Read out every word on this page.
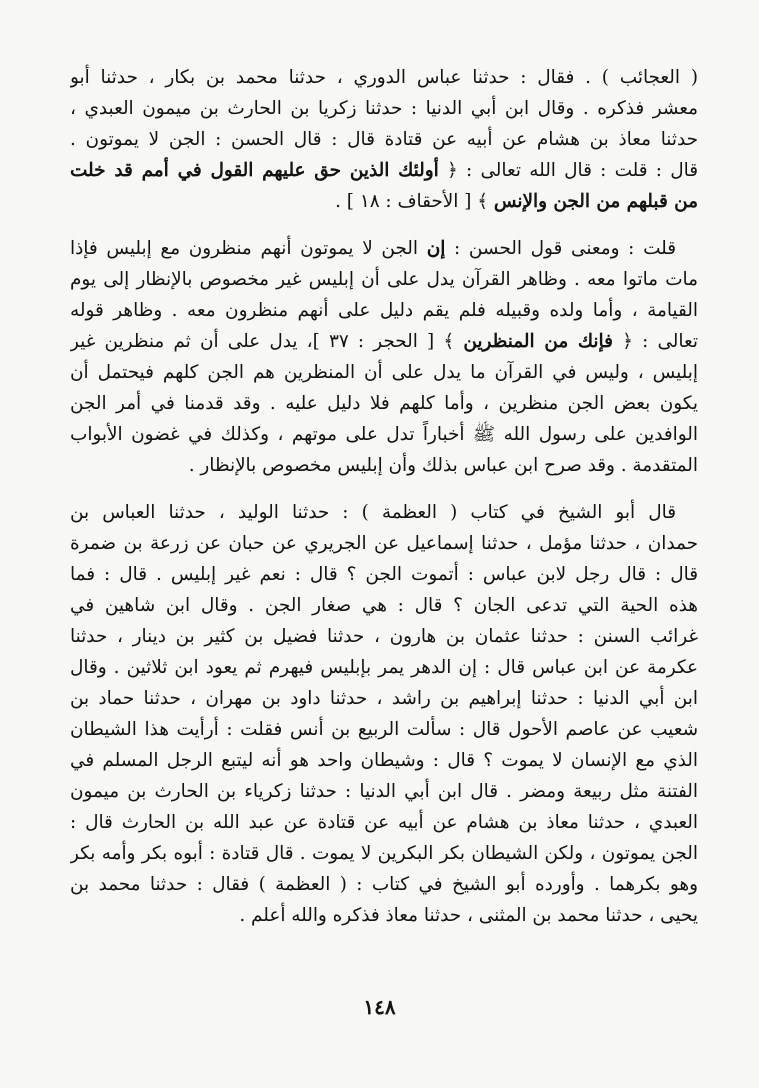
( العجائب ) . فقال : حدثنا عباس الدوري ، حدثنا محمد بن بكار ، حدثنا أبو
معشر فذكره . وقال ابن أبي الدنيا : حدثنا زكريا بن الحارث بن ميمون العبدي ،
حدثنا معاذ بن هشام عن أبيه عن قتادة قال : قال الحسن : الجن لا يموتون .
قال : قلت : قال الله تعالى : ﴿ أولئك الذين حق عليهم القول في أمم قد خلت
من قبلهم من الجن والإنس ﴾ [ الأحقاف : ١٨ ] .
قلت : ومعنى قول الحسن : إن الجن لا يموتون أنهم منظرون مع إبليس فإذا
مات ماتوا معه . وظاهر القرآن يدل على أن إبليس غير مخصوص بالإنظار إلى يوم
القيامة ، وأما ولده وقبيله فلم يقم دليل على أنهم منظرون معه . وظاهر قوله
تعالى : ﴿ فإنك من المنظرين ﴾ [ الحجر : ٣٧ ]، يدل على أن ثم منظرين غير
إبليس ، وليس في القرآن ما يدل على أن المنظرين هم الجن كلهم فيحتمل أن
يكون بعض الجن منظرين ، وأما كلهم فلا دليل عليه . وقد قدمنا في أمر الجن
الوافدين على رسول الله ﷺ أخباراً تدل على موتهم ، وكذلك في غضون الأبواب
المتقدمة . وقد صرح ابن عباس بذلك وأن إبليس مخصوص بالإنظار .
قال أبو الشيخ في كتاب ( العظمة ) : حدثنا الوليد ، حدثنا العباس بن
حمدان ، حدثنا مؤمل ، حدثنا إسماعيل عن الجريري عن حبان عن زرعة بن ضمرة
قال : قال رجل لابن عباس : أتموت الجن ؟ قال : نعم غير إبليس . قال : فما
هذه الحية التي تدعى الجان ؟ قال : هي صغار الجن . وقال ابن شاهين في
غرائب السنن : حدثنا عثمان بن هارون ، حدثنا فضيل بن كثير بن دينار ، حدثنا
عكرمة عن ابن عباس قال : إن الدهر يمر بإبليس فيهرم ثم يعود ابن ثلاثين . وقال
ابن أبي الدنيا : حدثنا إبراهيم بن راشد ، حدثنا داود بن مهران ، حدثنا حماد بن
شعيب عن عاصم الأحول قال : سألت الربيع بن أنس فقلت : أرأيت هذا الشيطان
الذي مع الإنسان لا يموت ؟ قال : وشيطان واحد هو أنه ليتبع الرجل المسلم في
الفتنة مثل ربيعة ومضر . قال ابن أبي الدنيا : حدثنا زكرياء بن الحارث بن ميمون
العبدي ، حدثنا معاذ بن هشام عن أبيه عن قتادة عن عبد الله بن الحارث قال :
الجن يموتون ، ولكن الشيطان بكر البكرين لا يموت . قال قتادة : أبوه بكر وأمه بكر
وهو بكرهما . وأورده أبو الشيخ في كتاب : ( العظمة ) فقال : حدثنا محمد بن
يحيى ، حدثنا محمد بن المثنى ، حدثنا معاذ فذكره والله أعلم .
١٤٨
